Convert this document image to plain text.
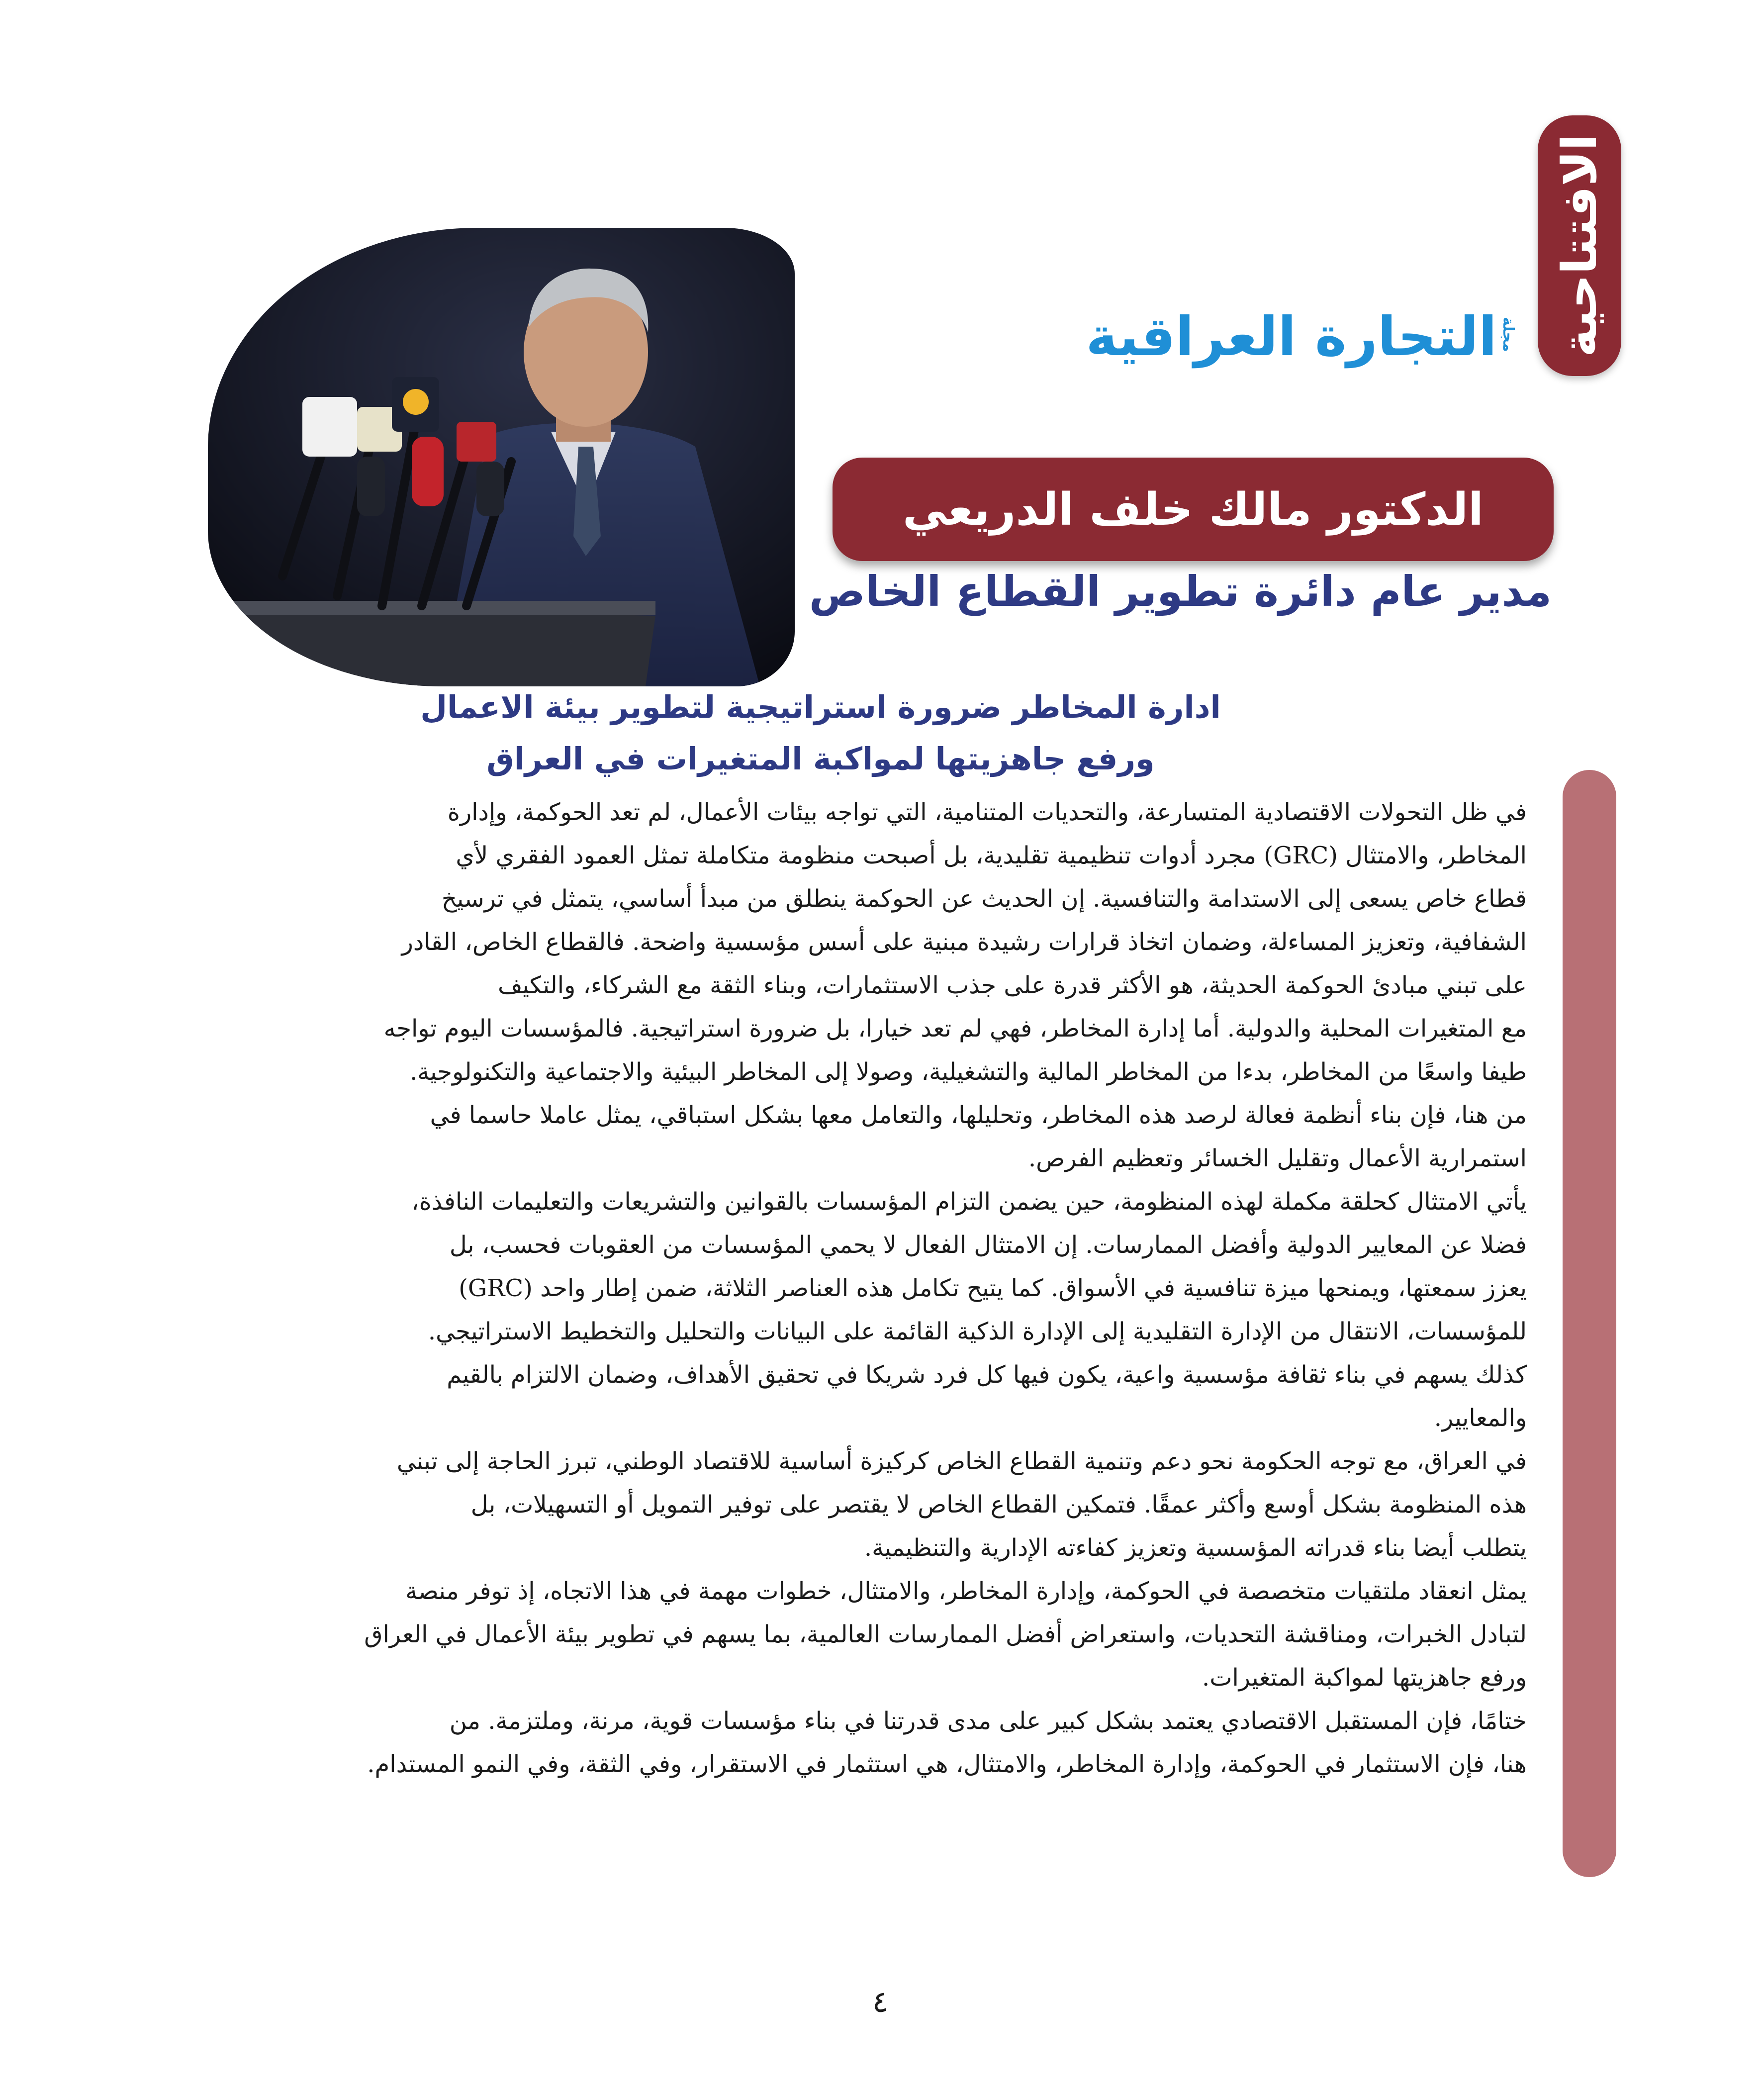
الافتتاحية
التجارة العراقية مجلة
الدكتور مالك خلف الدريعي
مدير عام دائرة تطوير القطاع الخاص
ادارة المخاطر ضرورة استراتيجية لتطوير بيئة الاعمال
ورفع جاهزيتها لمواكبة المتغيرات في العراق
في ظل التحولات الاقتصادية المتسارعة، والتحديات المتنامية، التي تواجه بيئات الأعمال، لم تعد الحوكمة، وإدارة
المخاطر، والامتثال (GRC) مجرد أدوات تنظيمية تقليدية، بل أصبحت منظومة متكاملة تمثل العمود الفقري لأي
قطاع خاص يسعى إلى الاستدامة والتنافسية. إن الحديث عن الحوكمة ينطلق من مبدأ أساسي، يتمثل في ترسيخ
الشفافية، وتعزيز المساءلة، وضمان اتخاذ قرارات رشيدة مبنية على أسس مؤسسية واضحة. فالقطاع الخاص، القادر
على تبني مبادئ الحوكمة الحديثة، هو الأكثر قدرة على جذب الاستثمارات، وبناء الثقة مع الشركاء، والتكيف
مع المتغيرات المحلية والدولية. أما إدارة المخاطر، فهي لم تعد خيارا، بل ضرورة استراتيجية. فالمؤسسات اليوم تواجه
طيفا واسعًا من المخاطر، بدءا من المخاطر المالية والتشغيلية، وصولا إلى المخاطر البيئية والاجتماعية والتكنولوجية.
من هنا، فإن بناء أنظمة فعالة لرصد هذه المخاطر، وتحليلها، والتعامل معها بشكل استباقي، يمثل عاملا حاسما في
استمرارية الأعمال وتقليل الخسائر وتعظيم الفرص.
يأتي الامتثال كحلقة مكملة لهذه المنظومة، حين يضمن التزام المؤسسات بالقوانين والتشريعات والتعليمات النافذة،
فضلا عن المعايير الدولية وأفضل الممارسات. إن الامتثال الفعال لا يحمي المؤسسات من العقوبات فحسب، بل
يعزز سمعتها، ويمنحها ميزة تنافسية في الأسواق. كما يتيح تكامل هذه العناصر الثلاثة، ضمن إطار واحد (GRC)
للمؤسسات، الانتقال من الإدارة التقليدية إلى الإدارة الذكية القائمة على البيانات والتحليل والتخطيط الاستراتيجي.
كذلك يسهم في بناء ثقافة مؤسسية واعية، يكون فيها كل فرد شريكا في تحقيق الأهداف، وضمان الالتزام بالقيم
والمعايير.
في العراق، مع توجه الحكومة نحو دعم وتنمية القطاع الخاص كركيزة أساسية للاقتصاد الوطني، تبرز الحاجة إلى تبني
هذه المنظومة بشكل أوسع وأكثر عمقًا. فتمكين القطاع الخاص لا يقتصر على توفير التمويل أو التسهيلات، بل
يتطلب أيضا بناء قدراته المؤسسية وتعزيز كفاءته الإدارية والتنظيمية.
يمثل انعقاد ملتقيات متخصصة في الحوكمة، وإدارة المخاطر، والامتثال، خطوات مهمة في هذا الاتجاه، إذ توفر منصة
لتبادل الخبرات، ومناقشة التحديات، واستعراض أفضل الممارسات العالمية، بما يسهم في تطوير بيئة الأعمال في العراق
ورفع جاهزيتها لمواكبة المتغيرات.
ختامًا، فإن المستقبل الاقتصادي يعتمد بشكل كبير على مدى قدرتنا في بناء مؤسسات قوية، مرنة، وملتزمة. من
هنا، فإن الاستثمار في الحوكمة، وإدارة المخاطر، والامتثال، هي استثمار في الاستقرار، وفي الثقة، وفي النمو المستدام.
٤
